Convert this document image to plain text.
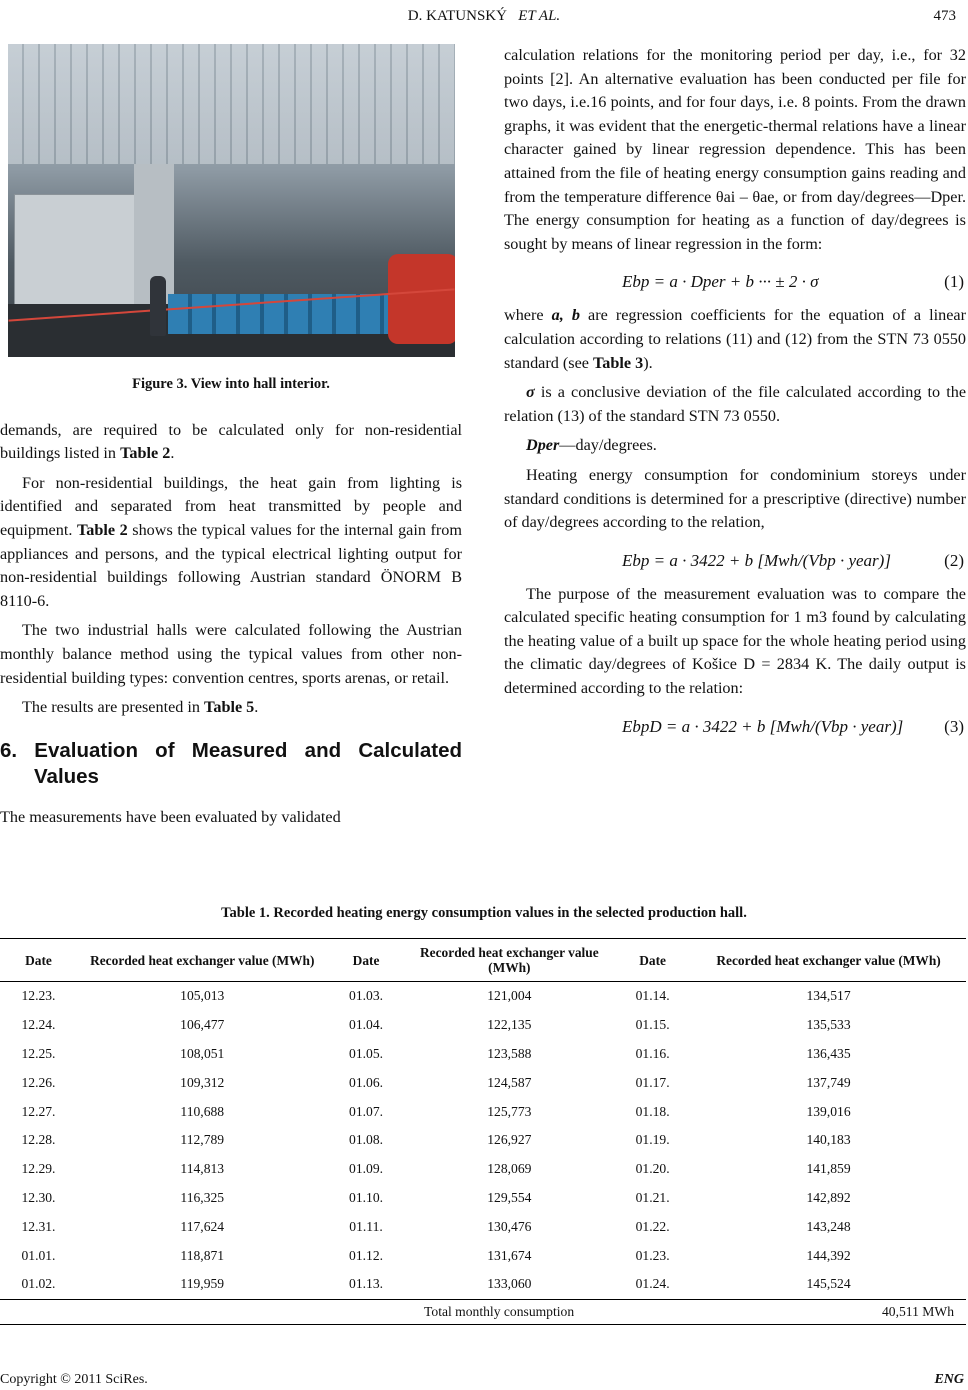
D. KATUNSKÝ ET AL.	473
Figure 3. View into hall interior.

demands, are required to be calculated only for non-residential buildings listed in Table 2.

For non-residential buildings, the heat gain from lighting is identified and separated from heat transmitted by people and equipment. Table 2 shows the typical values for the internal gain from appliances and persons, and the typical electrical lighting output for non-residential buildings following Austrian standard ÖNORM B 8110-6.

The two industrial halls were calculated following the Austrian monthly balance method using the typical values from other non-residential building types: convention centres, sports arenas, or retail.

The results are presented in Table 5.

6. Evaluation of Measured and Calculated Values

The measurements have been evaluated by validated

calculation relations for the monitoring period per day, i.e., for 32 points [2]. An alternative evaluation has been conducted per file for two days, i.e.16 points, and for four days, i.e. 8 points. From the drawn graphs, it was evident that the energetic-thermal relations have a linear character gained by linear regression dependence. This has been attained from the file of heating energy consumption gains reading and from the temperature difference θai – θae, or from day/degrees—Dper. The energy consumption for heating as a function of day/degrees is sought by means of linear regression in the form:

Ebp = a · Dper + b ··· ± 2 · σ	(1)

where a, b are regression coefficients for the equation of a linear calculation according to relations (11) and (12) from the STN 73 0550 standard (see Table 3).

σ is a conclusive deviation of the file calculated according to the relation (13) of the standard STN 73 0550.

Dper—day/degrees.

Heating energy consumption for condominium storeys under standard conditions is determined for a prescriptive (directive) number of day/degrees according to the relation,

Ebp = a · 3422 + b [Mwh/(Vbp · year)]	(2)

The purpose of the measurement evaluation was to compare the calculated specific heating consumption for 1 m3 found by calculating the heating value of a built up space for the whole heating period using the climatic day/degrees of Košice D = 2834 K. The daily output is determined according to the relation:

EbpD = a · 3422 + b [Mwh/(Vbp · year)] (3)
Table 1. Recorded heating energy consumption values in the selected production hall.
Date	Recorded heat exchanger value (MWh)	Date	Recorded heat exchanger value (MWh)	Date	Recorded heat exchanger value (MWh)
12.23.	105,013	01.03.	121,004	01.14.	134,517
12.24.	106,477	01.04.	122,135	01.15.	135,533
12.25.	108,051	01.05.	123,588	01.16.	136,435
12.26.	109,312	01.06.	124,587	01.17.	137,749
12.27.	110,688	01.07.	125,773	01.18.	139,016
12.28.	112,789	01.08.	126,927	01.19.	140,183
12.29.	114,813	01.09.	128,069	01.20.	141,859
12.30.	116,325	01.10.	129,554	01.21.	142,892
12.31.	117,624	01.11.	130,476	01.22.	143,248
01.01.	118,871	01.12.	131,674	01.23.	144,392
01.02.	119,959	01.13.	133,060	01.24.	145,524
Total monthly consumption					40,511 MWh
Copyright © 2011 SciRes.	ENG
